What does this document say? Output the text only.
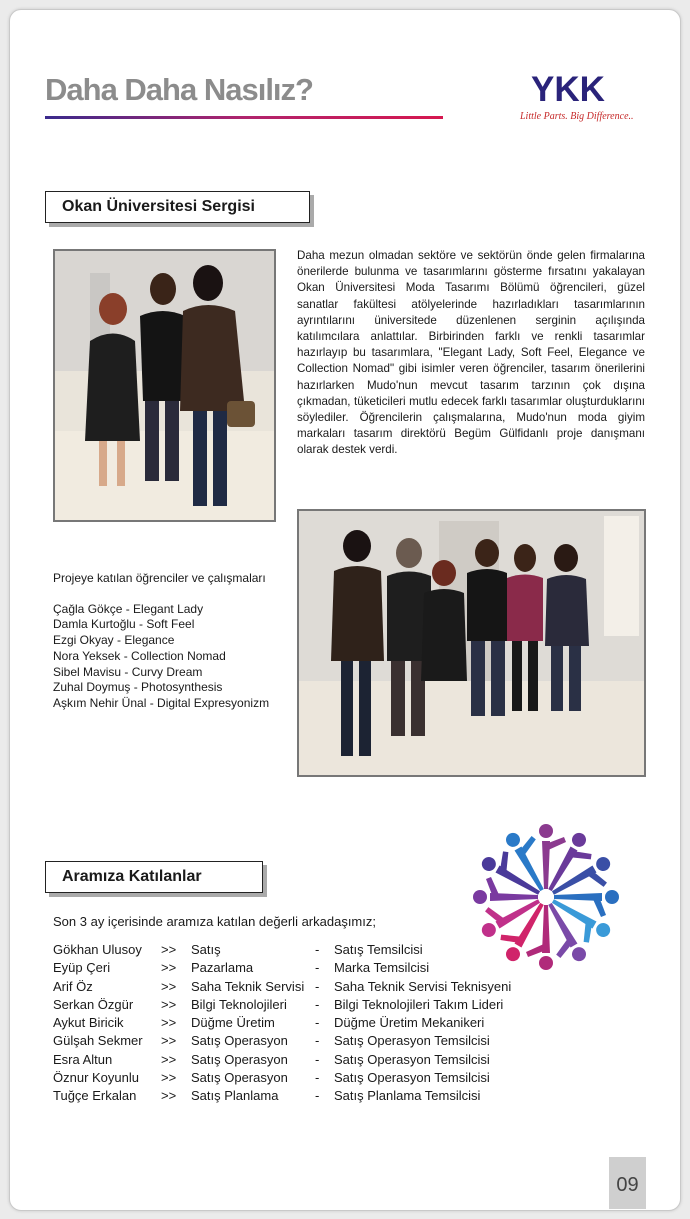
Daha Daha Nasılız?	YKK
Little Parts. Big Difference..
Okan Üniversitesi Sergisi
Daha mezun olmadan sektöre ve sektörün önde gelen firmalarına önerilerde bulunma ve tasarımlarını gösterme fırsatını yakalayan Okan Üniversitesi Moda Tasarımı Bölümü öğrencileri, güzel sanatlar fakültesi atölyelerinde hazırladıkları tasarımlarının ayrıntılarını üniversitede düzenlenen serginin açılışında katılımcılara anlattılar. Birbirinden farklı ve renkli tasarımlar hazırlayıp bu tasarımlara, "Elegant Lady, Soft Feel, Elegance ve Collection Nomad" gibi isimler veren öğrenciler, tasarım önerilerini hazırlarken Mudo'nun mevcut tasarım tarzının çok dışına çıkmadan, tüketicileri mutlu edecek farklı tasarımlar oluşturduklarını söylediler. Öğrencilerin çalışmalarına, Mudo'nun moda giyim markaları tasarım direktörü Begüm Gülfidanlı proje danışmanı olarak destek verdi.
Projeye katılan öğrenciler ve çalışmaları
Çağla Gökçe - Elegant Lady
Damla Kurtoğlu - Soft Feel
Ezgi Okyay - Elegance
Nora Yeksek - Collection Nomad
Sibel Mavisu - Curvy Dream
Zuhal Doymuş - Photosynthesis
Aşkım Nehir Ünal - Digital Expresyonizm
Aramıza Katılanlar
Son 3 ay içerisinde aramıza katılan değerli arkadaşımız;
Gökhan Ulusoy >> Satış	- Satış Temsilcisi
Eyüp Çeri	>> Pazarlama	- Marka Temsilcisi
Arif Öz	>> Saha Teknik Servisi - Saha Teknik Servisi Teknisyeni
Serkan Özgür >> Bilgi Teknolojileri - Bilgi Teknolojileri Takım Lideri
Aykut Biricik	>> Düğme Üretim	- Düğme Üretim Mekanikeri
Gülşah Sekmer >> Satış Operasyon - Satış Operasyon Temsilcisi
Esra Altun	>> Satış Operasyon - Satış Operasyon Temsilcisi
Öznur Koyunlu >> Satış Operasyon - Satış Operasyon Temsilcisi
Tuğçe Erkalan >> Satış Planlama	- Satış Planlama Temsilcisi
09
